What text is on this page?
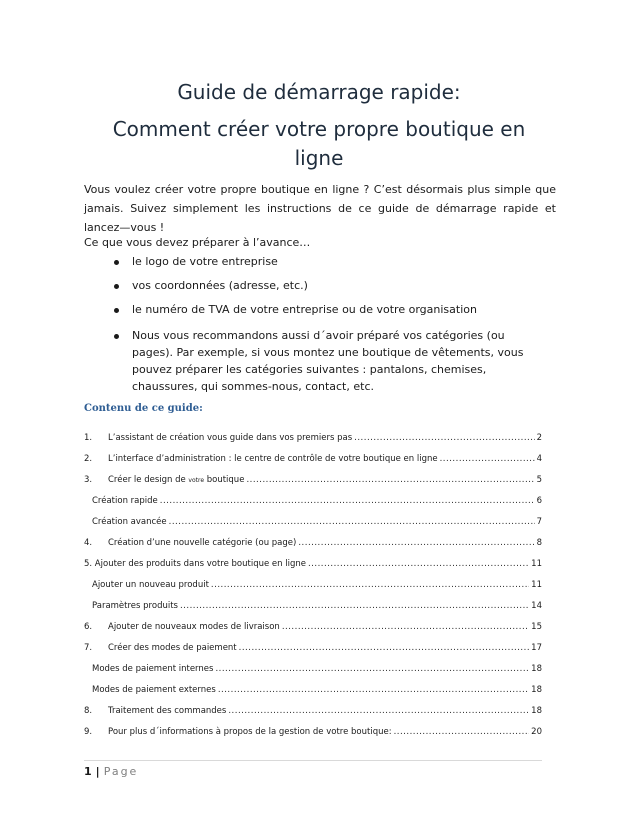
Guide de démarrage rapide:
Comment créer votre propre boutique en
ligne
Vous voulez créer votre propre boutique en ligne ? C’est désormais plus simple que jamais. Suivez simplement les instructions de ce guide de démarrage rapide et lancez—vous !
Ce que vous devez préparer à l’avance…
le logo de votre entreprise
vos coordonnées (adresse, etc.)
le numéro de TVA de votre entreprise ou de votre organisation
Nous vous recommandons aussi d´avoir préparé vos catégories (ou pages). Par exemple, si vous montez une boutique de vêtements, vous pouvez préparer les catégories suivantes : pantalons, chemises, chaussures, qui sommes-nous, contact, etc.
Contenu de ce guide:
1.	L’assistant de création vous guide dans vos premiers pas .....	2
2.	L’interface d’administration : le centre de contrôle de votre boutique en ligne .....	4
3.	Créer le design de votre boutique .....	5
Création rapide .....	6
Création avancée .....	7
4.	Création d’une nouvelle catégorie (ou page) .....	8
5. Ajouter des produits dans votre boutique en ligne .....	11
Ajouter un nouveau produit .....	11
Paramètres produits .....	14
6.	Ajouter de nouveaux modes de livraison .....	15
7.	Créer des modes de paiement .....	17
Modes de paiement internes .....	18
Modes de paiement externes .....	18
8.	Traitement des commandes .....	18
9.	Pour plus d´informations à propos de la gestion de votre boutique: .....	20
1 | Page
